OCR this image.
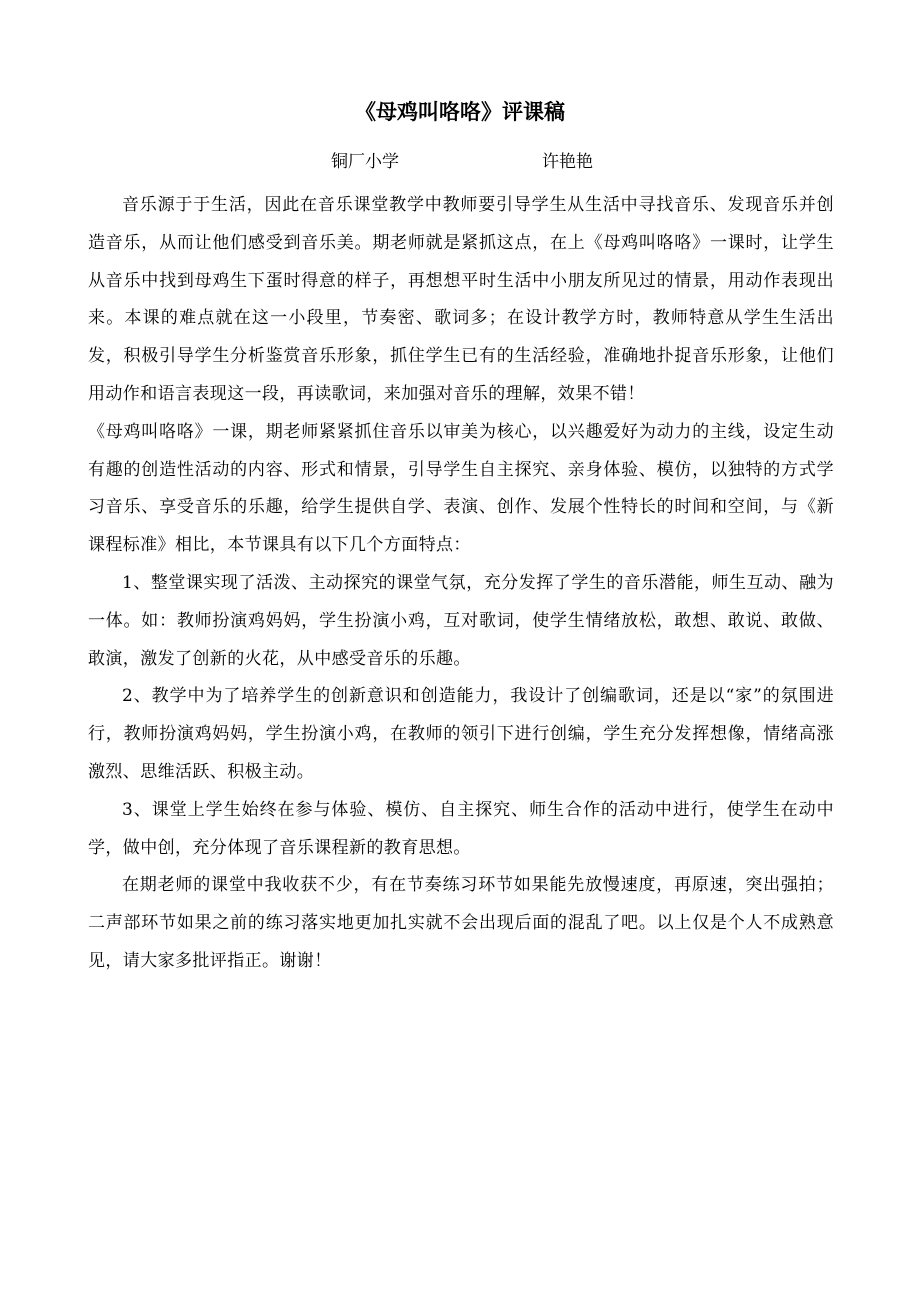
《母鸡叫咯咯》评课稿
铜厂小学	许艳艳

音乐源于于生活，因此在音乐课堂教学中教师要引导学生从生活中寻找音乐、发现音乐并创造音乐，从而让他们感受到音乐美。期老师就是紧抓这点，在上《母鸡叫咯咯》一课时，让学生从音乐中找到母鸡生下蛋时得意的样子，再想想平时生活中小朋友所见过的情景，用动作表现出来。本课的难点就在这一小段里，节奏密、歌词多；在设计教学方时，教师特意从学生生活出发，积极引导学生分析鉴赏音乐形象，抓住学生已有的生活经验，准确地扑捉音乐形象，让他们用动作和语言表现这一段，再读歌词，来加强对音乐的理解，效果不错！

《母鸡叫咯咯》一课，期老师紧紧抓住音乐以审美为核心，以兴趣爱好为动力的主线，设定生动有趣的创造性活动的内容、形式和情景，引导学生自主探究、亲身体验、模仿，以独特的方式学习音乐、享受音乐的乐趣，给学生提供自学、表演、创作、发展个性特长的时间和空间，与《新课程标准》相比，本节课具有以下几个方面特点：

1、整堂课实现了活泼、主动探究的课堂气氛，充分发挥了学生的音乐潜能，师生互动、融为一体。如：教师扮演鸡妈妈，学生扮演小鸡，互对歌词，使学生情绪放松，敢想、敢说、敢做、敢演，激发了创新的火花，从中感受音乐的乐趣。

2、教学中为了培养学生的创新意识和创造能力，我设计了创编歌词，还是以“家”的氛围进行，教师扮演鸡妈妈，学生扮演小鸡，在教师的领引下进行创编，学生充分发挥想像，情绪高涨激烈、思维活跃、积极主动。

3、课堂上学生始终在参与体验、模仿、自主探究、师生合作的活动中进行，使学生在动中学，做中创，充分体现了音乐课程新的教育思想。

在期老师的课堂中我收获不少，有在节奏练习环节如果能先放慢速度，再原速，突出强拍；二声部环节如果之前的练习落实地更加扎实就不会出现后面的混乱了吧。以上仅是个人不成熟意见，请大家多批评指正。谢谢！
